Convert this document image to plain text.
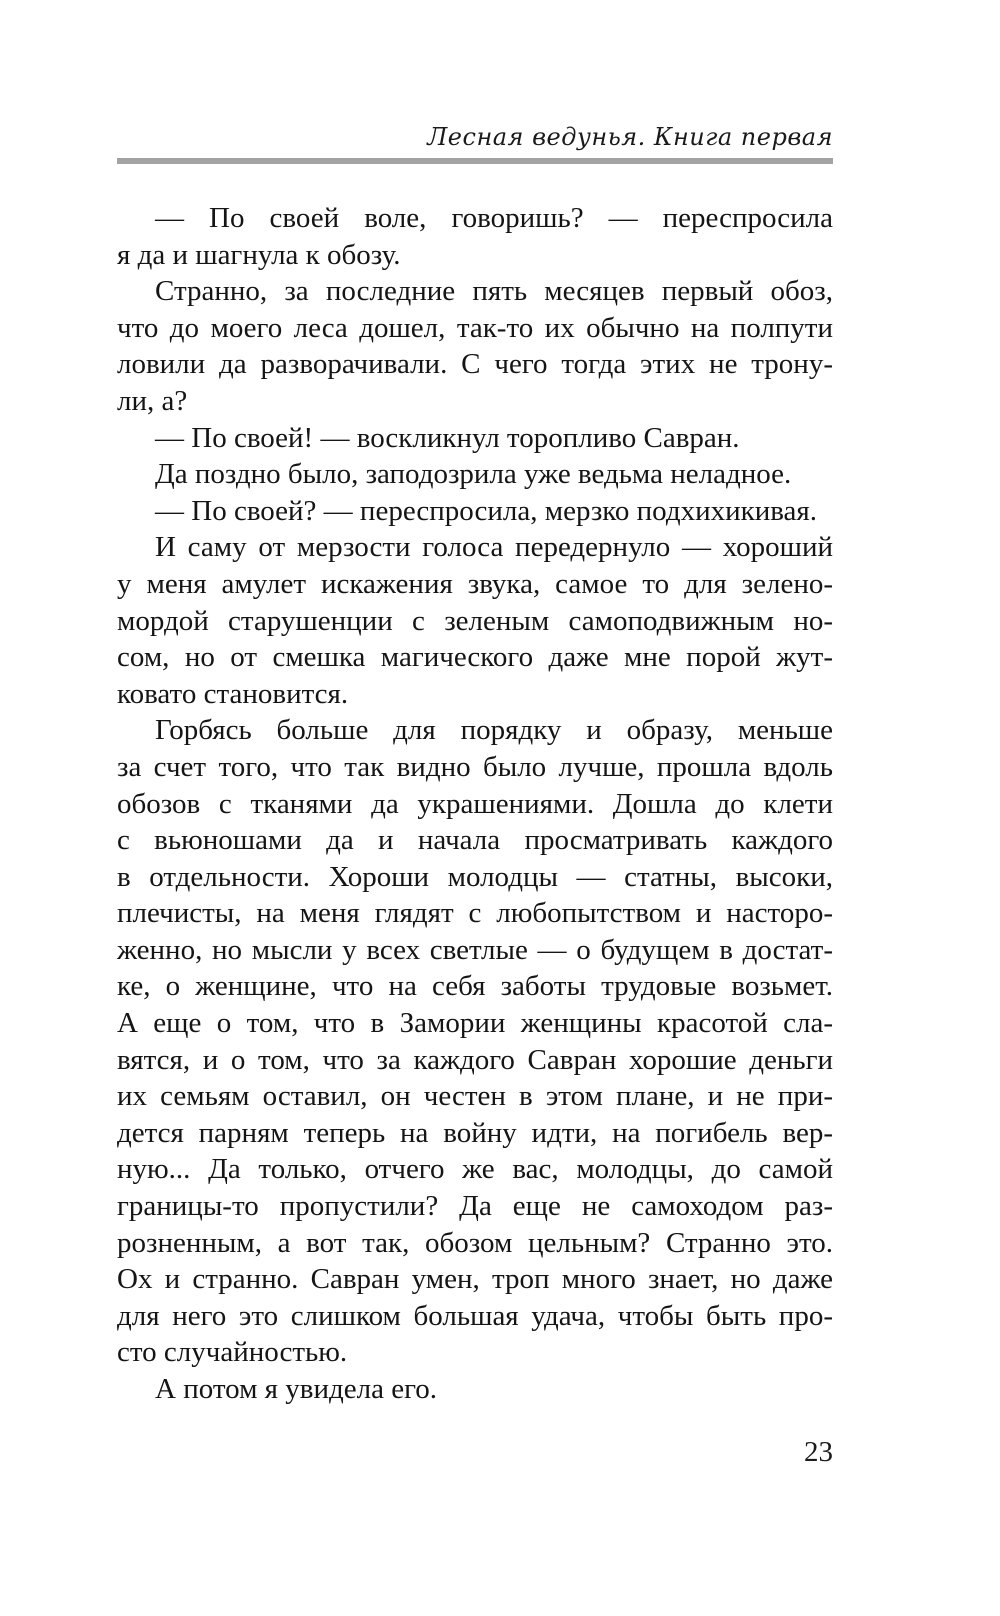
Лесная ведунья. Книга первая
— По своей воле, говоришь? — переспросила
я да и шагнула к обозу.
Странно, за последние пять месяцев первый обоз,
что до моего леса дошел, так-то их обычно на полпути
ловили да разворачивали. С чего тогда этих не трону-
ли, а?
— По своей! — воскликнул торопливо Савран.
Да поздно было, заподозрила уже ведьма неладное.
— По своей? — переспросила, мерзко подхихикивая.
И саму от мерзости голоса передернуло — хороший
у меня амулет искажения звука, самое то для зелено-
мордой старушенции с зеленым самоподвижным но-
сом, но от смешка магического даже мне порой жут-
ковато становится.
Горбясь больше для порядку и образу, меньше
за счет того, что так видно было лучше, прошла вдоль
обозов с тканями да украшениями. Дошла до клети
с вьюношами да и начала просматривать каждого
в отдельности. Хороши молодцы — статны, высоки,
плечисты, на меня глядят с любопытством и насторо-
женно, но мысли у всех светлые — о будущем в достат-
ке, о женщине, что на себя заботы трудовые возьмет.
А еще о том, что в Замории женщины красотой сла-
вятся, и о том, что за каждого Савран хорошие деньги
их семьям оставил, он честен в этом плане, и не при-
дется парням теперь на войну идти, на погибель вер-
ную... Да только, отчего же вас, молодцы, до самой
границы-то пропустили? Да еще не самоходом раз-
розненным, а вот так, обозом цельным? Странно это.
Ох и странно. Савран умен, троп много знает, но даже
для него это слишком большая удача, чтобы быть про-
сто случайностью.
А потом я увидела его.
23
